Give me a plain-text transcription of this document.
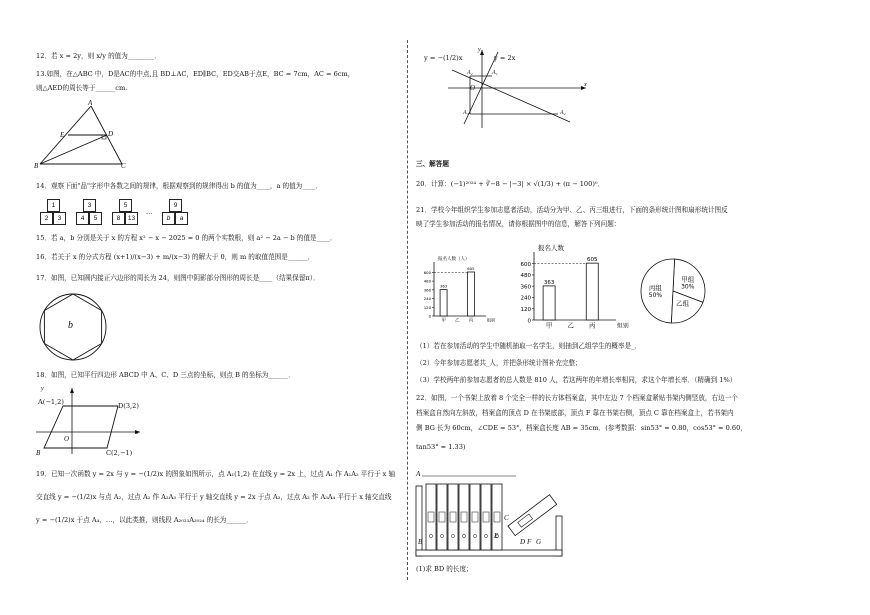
12．若 x = 2y，则 x/y 的值为________．
13.如图，在△ABC 中，D是AC的中点,且 BD⊥AC，ED∥BC，ED交AB于点E，BC = 7cm，AC = 6cm，
则△AED的周长等于______cm.
A
E	D
B	C
14．观察下面"品"字形中各数之间的规律，根据观察到的规律得出 b 的值为____，a 的值为____．
1
2	3
3
4	5
5
8	13
···
9
b	a
15．若 a，b 分别是关于 x 的方程 x² − x − 2025 = 0 的两个实数根，则 a² − 2a − b 的值是____．
16．若关于 x 的分式方程 (x+1)/(x−3) + m/(x−3) 的解大于 0，则 m 的取值范围是______．
17．如图，已知圆内接正六边形的周长为 24，则图中阴影部分图形的周长是____（结果保留π）．
b
18．如图，已知平行四边形 ABCD 中 A、C、D 三点的坐标，则点 B 的坐标为______．
y
x
A(−1,2)	D(3,2)
O
B	C(2,−1)
19．已知一次函数 y = 2x 与 y = −(1/2)x 的图象如图所示，点 A₁(1,2) 在直线 y = 2x 上，过点 A₁ 作 A₁A₂ 平行于 x 轴
交直线 y = −(1/2)x 与点 A₂，过点 A₂ 作 A₂A₃ 平行于 y 轴交直线 y = 2x 于点 A₃，过点 A₃ 作 A₃A₄ 平行于 x 轴交直线
y = −(1/2)x 于点 A₄，…，以此类推，则线段 A₂₀₂₃A₂₀₂₄ 的长为______．
y = −(1/2)x	y = 2x
y
x
A₂	A₁
O
A₃	A₄
三、解答题
20．计算：(−1)²⁰²⁴ + ∛−8 − |−3| × √(1/3) + (π − 100)⁰．
21．学校今年组织学生参加志愿者活动，活动分为甲、乙、丙三组进行，下面的条形统计图和扇形统计图反
映了学生参加活动的报名情况，请你根据图中的信息，解答下列问题：
报名人数（人）
600
480
360
240
120
0
363
甲 乙
605
丙	组别
报名人数
600
480
360
240
120
0
363
甲 乙
605
丙	组别
甲组
30%
丙组
50%
乙组
（1）若在参加活动的学生中随机抽取一名学生，则抽到乙组学生的概率是_．
（2）今年参加志愿者共_人，并把条形统计图补充完整；
（3）学校两年前参加志愿者的总人数是 810 人，若这两年的年增长率相同，求这个年增长率．（精确到 1%）
22．如图，一个书架上放着 8 个完全一样的长方体档案盒，其中左边 7 个档案盒紧贴书架内侧竖放，右边一个
档案盒自然向左斜放，档案盒的顶点 D 在书架底部，顶点 F 靠在书架右侧，顶点 C 靠在档案盒上，若书架内
侧 BG 长为 60cm，∠CDE = 53°，档案盒长度 AB = 35cm．(参考数据：sin53° ≈ 0.80，cos53° ≈ 0.60，
tan53° ≈ 1.33)
A
B
E
C
D F G
(1)求 BD 的长度；
